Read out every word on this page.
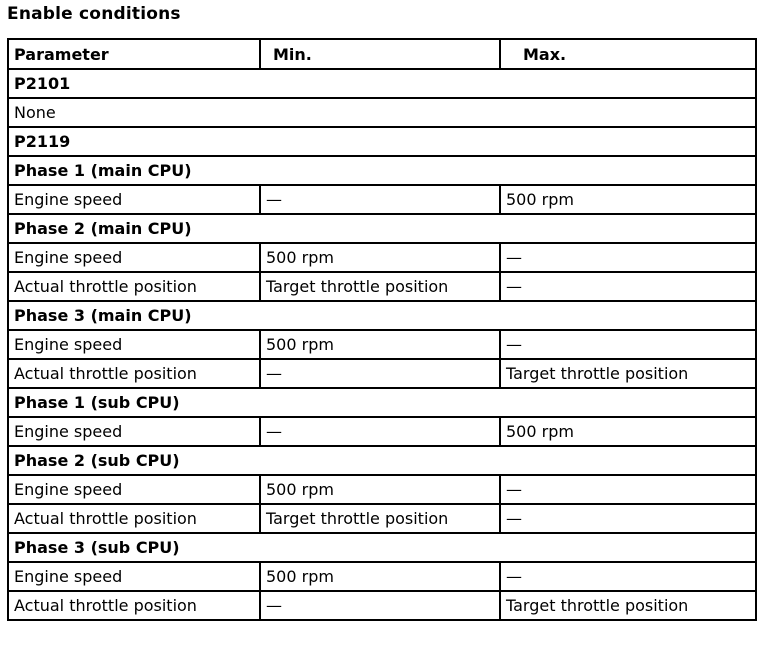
Enable conditions
Parameter	Min.	Max.
P2101		
None		
P2119		
Phase 1 (main CPU)		
Engine speed	—	500 rpm
Phase 2 (main CPU)		
Engine speed	500 rpm	—
Actual throttle position	Target throttle position	—
Phase 3 (main CPU)		
Engine speed	500 rpm	—
Actual throttle position	—	Target throttle position
Phase 1 (sub CPU)		
Engine speed	—	500 rpm
Phase 2 (sub CPU)		
Engine speed	500 rpm	—
Actual throttle position	Target throttle position	—
Phase 3 (sub CPU)		
Engine speed	500 rpm	—
Actual throttle position	—	Target throttle position
